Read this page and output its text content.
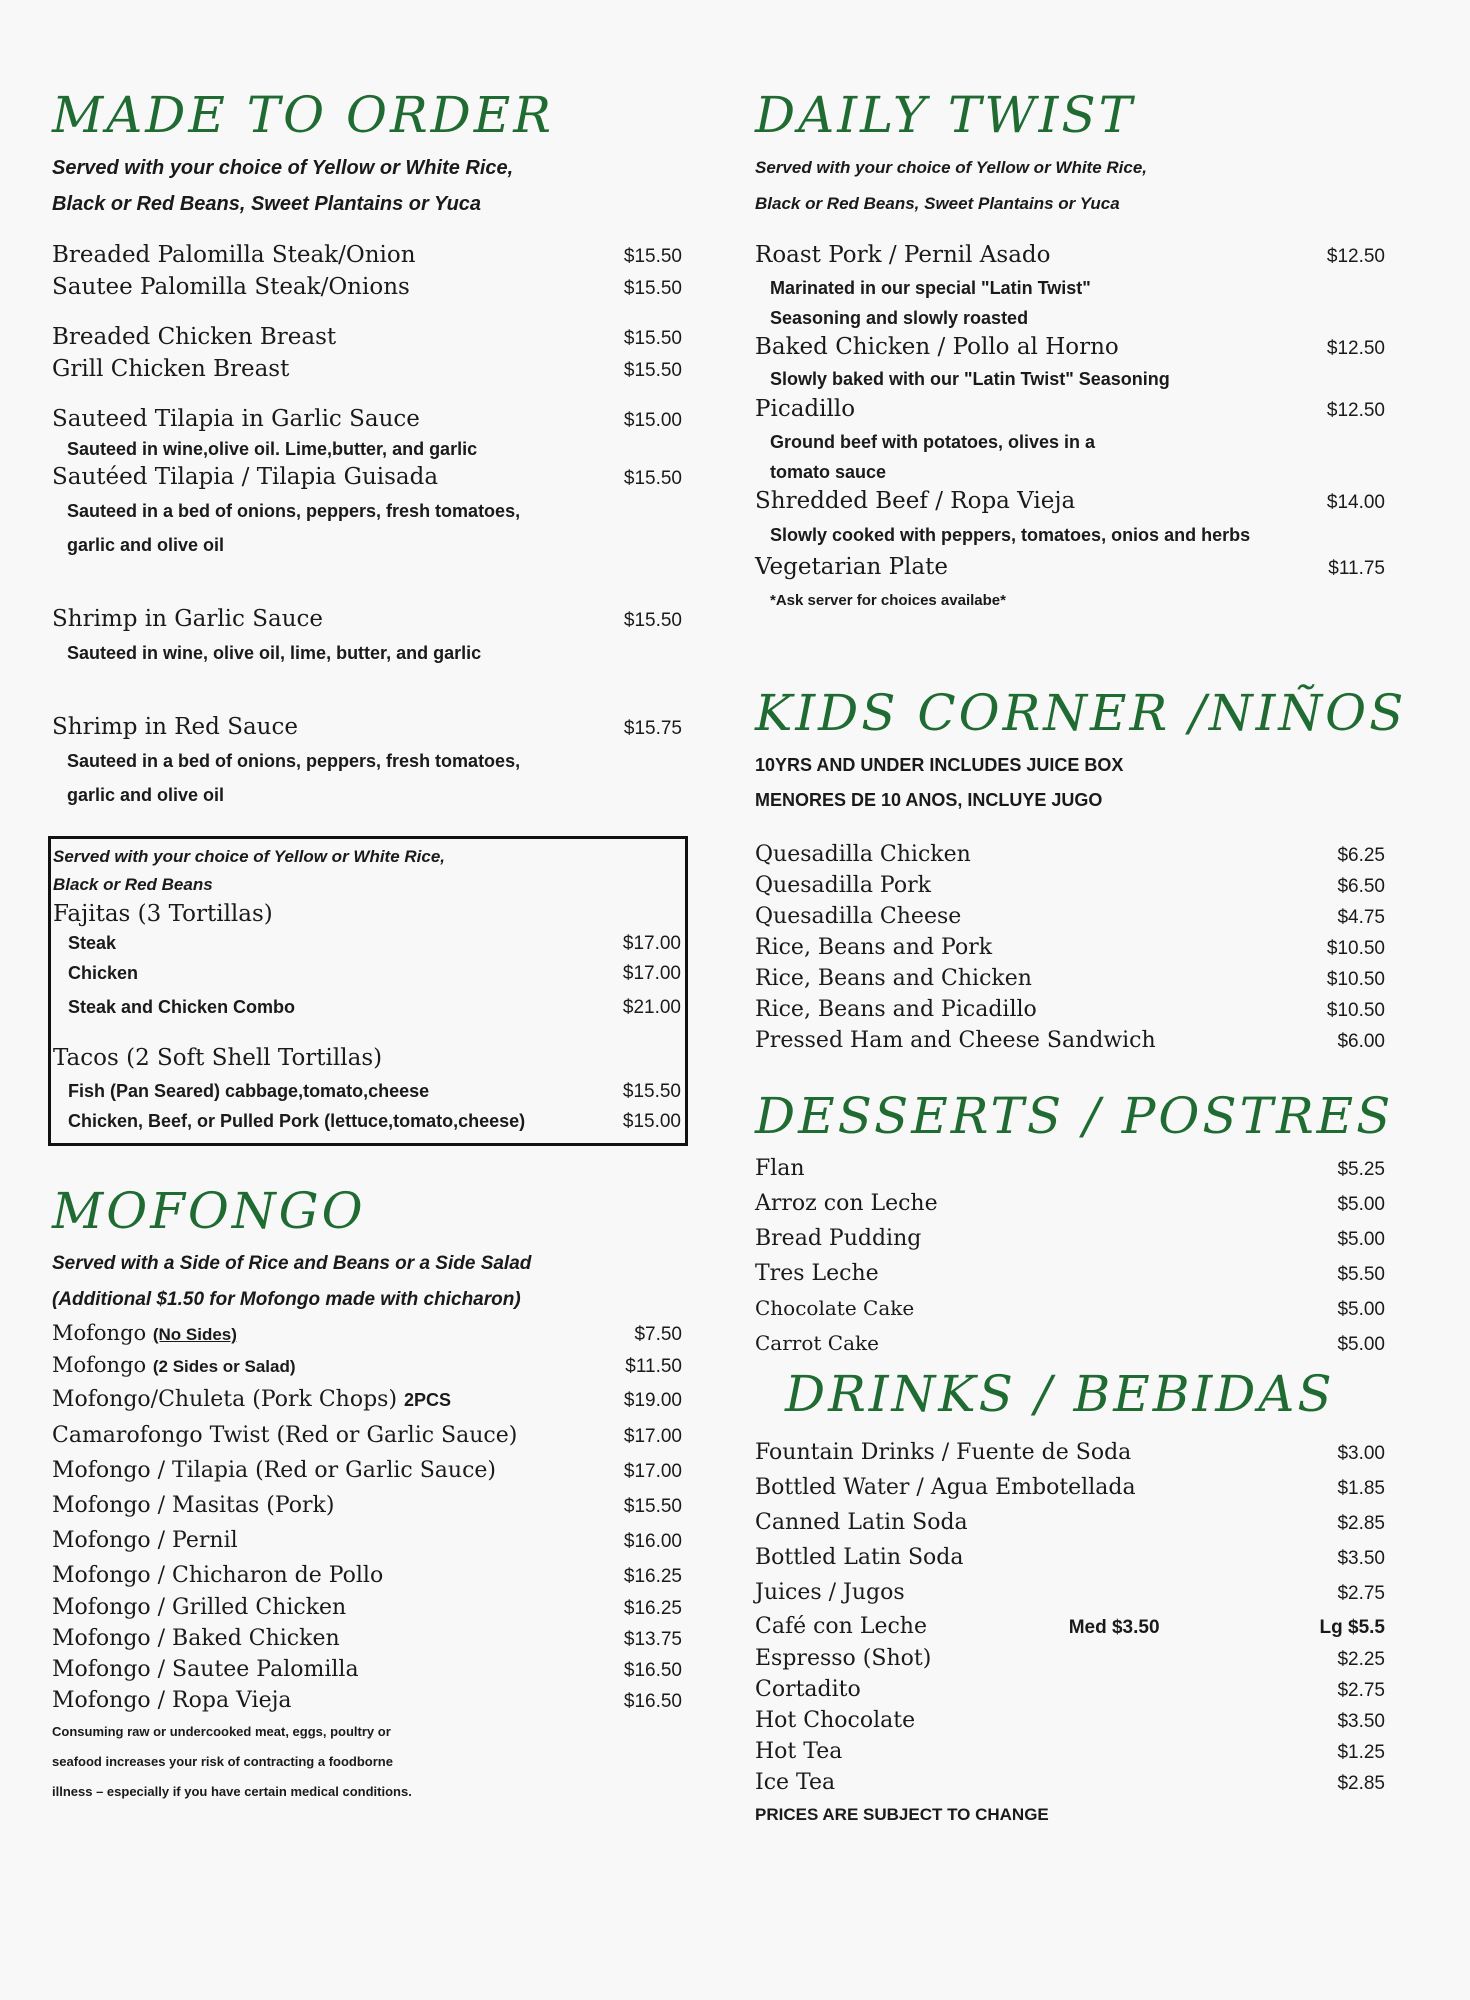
MADE TO ORDER
Served with your choice of Yellow or White Rice,
Black or Red Beans, Sweet Plantains or Yuca
Breaded Palomilla Steak/Onion	$15.50
Sautee Palomilla Steak/Onions	$15.50
Breaded Chicken Breast	$15.50
Grill Chicken Breast	$15.50
Sauteed Tilapia in Garlic Sauce	$15.00
Sauteed in wine,olive oil. Lime,butter, and garlic
Sautéed Tilapia / Tilapia Guisada	$15.50
Sauteed in a bed of onions, peppers, fresh tomatoes,
garlic and olive oil
Shrimp in Garlic Sauce	$15.50
Sauteed in wine, olive oil, lime, butter, and garlic
Shrimp in Red Sauce	$15.75
Sauteed in a bed of onions, peppers, fresh tomatoes,
garlic and olive oil
Served with your choice of Yellow or White Rice,
Black or Red Beans
Fajitas (3 Tortillas)
Steak	$17.00
Chicken	$17.00
Steak and Chicken Combo	$21.00
Tacos (2 Soft Shell Tortillas)
Fish (Pan Seared) cabbage,tomato,cheese	$15.50
Chicken, Beef, or Pulled Pork (lettuce,tomato,cheese)	$15.00
MOFONGO
Served with a Side of Rice and Beans or a Side Salad
(Additional $1.50 for Mofongo made with chicharon)
Mofongo (No Sides)	$7.50
Mofongo (2 Sides or Salad)	$11.50
Mofongo/Chuleta (Pork Chops) 2PCS	$19.00
Camarofongo Twist (Red or Garlic Sauce)	$17.00
Mofongo / Tilapia (Red or Garlic Sauce)	$17.00
Mofongo / Masitas (Pork)	$15.50
Mofongo / Pernil	$16.00
Mofongo / Chicharon de Pollo	$16.25
Mofongo / Grilled Chicken	$16.25
Mofongo / Baked Chicken	$13.75
Mofongo / Sautee Palomilla	$16.50
Mofongo / Ropa Vieja	$16.50
Consuming raw or undercooked meat, eggs, poultry or
seafood increases your risk of contracting a foodborne
illness – especially if you have certain medical conditions.
DAILY TWIST
Served with your choice of Yellow or White Rice,
Black or Red Beans, Sweet Plantains or Yuca
Roast Pork / Pernil Asado	$12.50
Marinated in our special "Latin Twist"
Seasoning and slowly roasted
Baked Chicken / Pollo al Horno	$12.50
Slowly baked with our "Latin Twist" Seasoning
Picadillo	$12.50
Ground beef with potatoes, olives in a
tomato sauce
Shredded Beef / Ropa Vieja	$14.00
Slowly cooked with peppers, tomatoes, onios and herbs
Vegetarian Plate	$11.75
*Ask server for choices availabe*
KIDS CORNER /NIÑOS
10YRS AND UNDER INCLUDES JUICE BOX
MENORES DE 10 ANOS, INCLUYE JUGO
Quesadilla Chicken	$6.25
Quesadilla Pork	$6.50
Quesadilla Cheese	$4.75
Rice, Beans and Pork	$10.50
Rice, Beans and Chicken	$10.50
Rice, Beans and Picadillo	$10.50
Pressed Ham and Cheese Sandwich	$6.00
DESSERTS / POSTRES
Flan	$5.25
Arroz con Leche	$5.00
Bread Pudding	$5.00
Tres Leche	$5.50
Chocolate Cake	$5.00
Carrot Cake	$5.00
DRINKS / BEBIDAS
Fountain Drinks / Fuente de Soda	$3.00
Bottled Water / Agua Embotellada	$1.85
Canned Latin Soda	$2.85
Bottled Latin Soda	$3.50
Juices / Jugos	$2.75
Café con Leche	Med $3.50	Lg $5.5
Espresso (Shot)	$2.25
Cortadito	$2.75
Hot Chocolate	$3.50
Hot Tea	$1.25
Ice Tea	$2.85
PRICES ARE SUBJECT TO CHANGE
